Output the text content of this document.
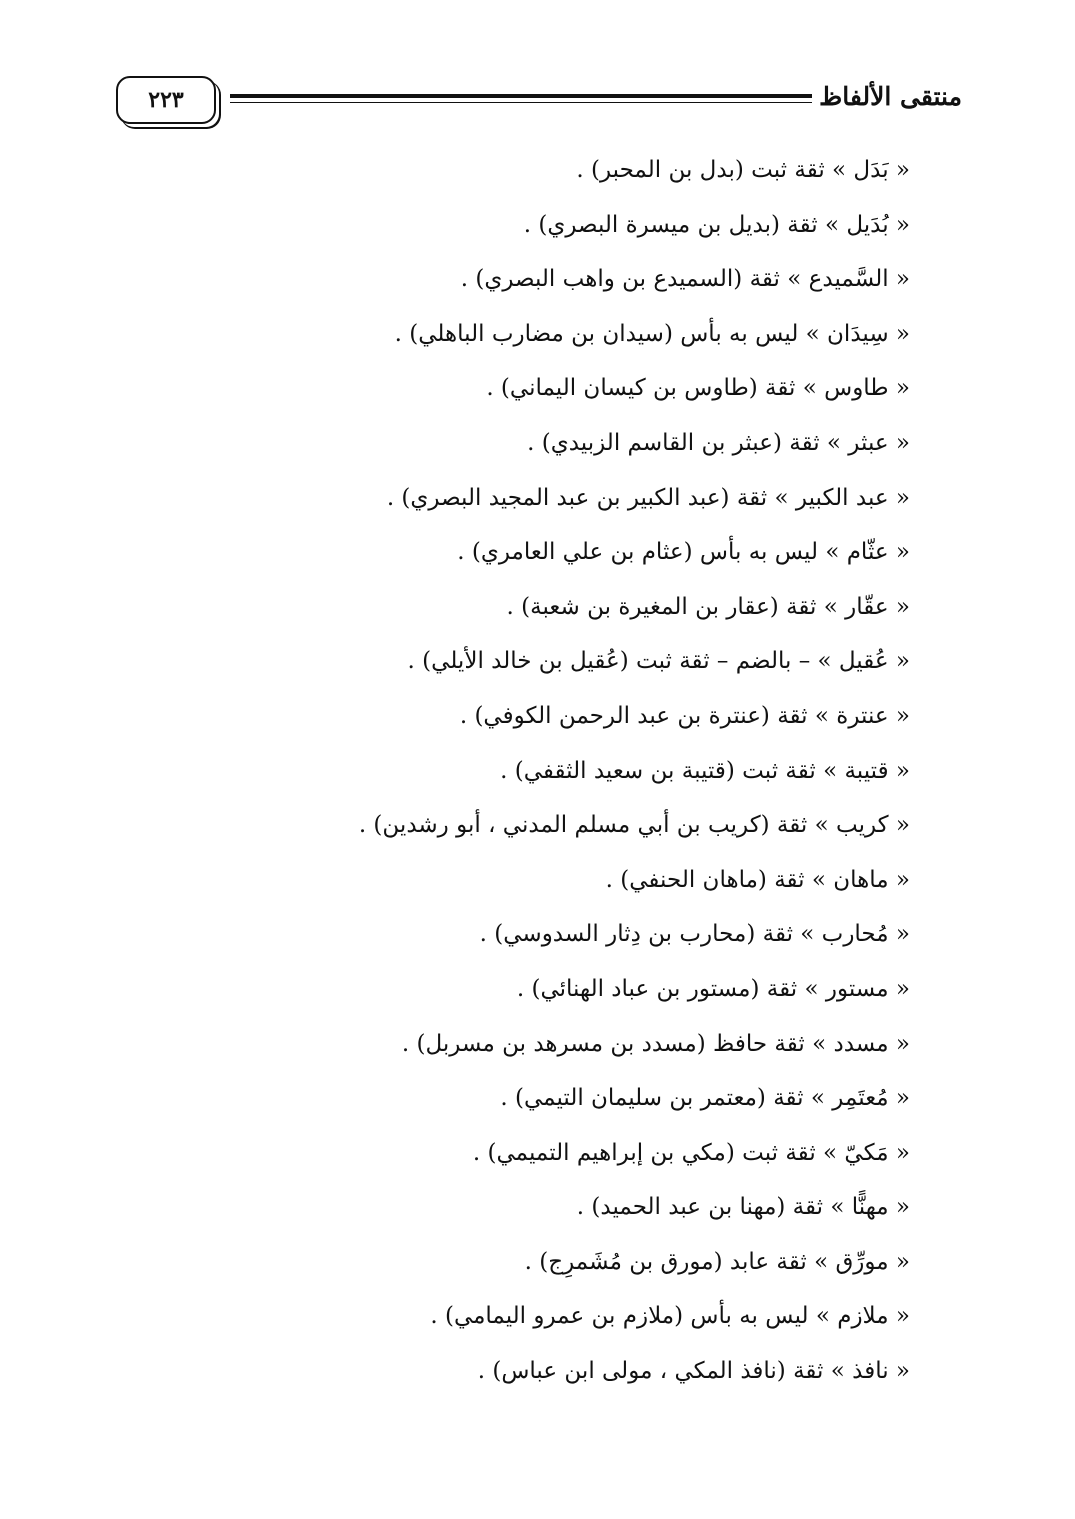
منتقى الألفاظ
٢٢٣
« بَدَل » ثقة ثبت (بدل بن المحبر) .
« بُدَيل » ثقة (بديل بن ميسرة البصري) .
« السَّميدع » ثقة (السميدع بن واهب البصري) .
« سِيدَان » ليس به بأس (سيدان بن مضارب الباهلي) .
« طاوس » ثقة (طاوس بن كيسان اليماني) .
« عبثر » ثقة (عبثر بن القاسم الزبيدي) .
« عبد الكبير » ثقة (عبد الكبير بن عبد المجيد البصري) .
« عثّام » ليس به بأس (عثام بن علي العامري) .
« عقّار » ثقة (عقار بن المغيرة بن شعبة) .
« عُقيل » – بالضم – ثقة ثبت (عُقيل بن خالد الأيلي) .
« عنترة » ثقة (عنترة بن عبد الرحمن الكوفي) .
« قتيبة » ثقة ثبت (قتيبة بن سعيد الثقفي) .
« كريب » ثقة (كريب بن أبي مسلم المدني ، أبو رشدين) .
« ماهان » ثقة (ماهان الحنفي) .
« مُحارب » ثقة (محارب بن دِثار السدوسي) .
« مستور » ثقة (مستور بن عباد الهنائي) .
« مسدد » ثقة حافظ (مسدد بن مسرهد بن مسربل) .
« مُعتَمِر » ثقة (معتمر بن سليمان التيمي) .
« مَكيّ » ثقة ثبت (مكي بن إبراهيم التميمي) .
« مهنًّا » ثقة (مهنا بن عبد الحميد) .
« مورِّق » ثقة عابد (مورق بن مُشَمرِج) .
« ملازم » ليس به بأس (ملازم بن عمرو اليمامي) .
« نافذ » ثقة (نافذ المكي ، مولى ابن عباس) .
